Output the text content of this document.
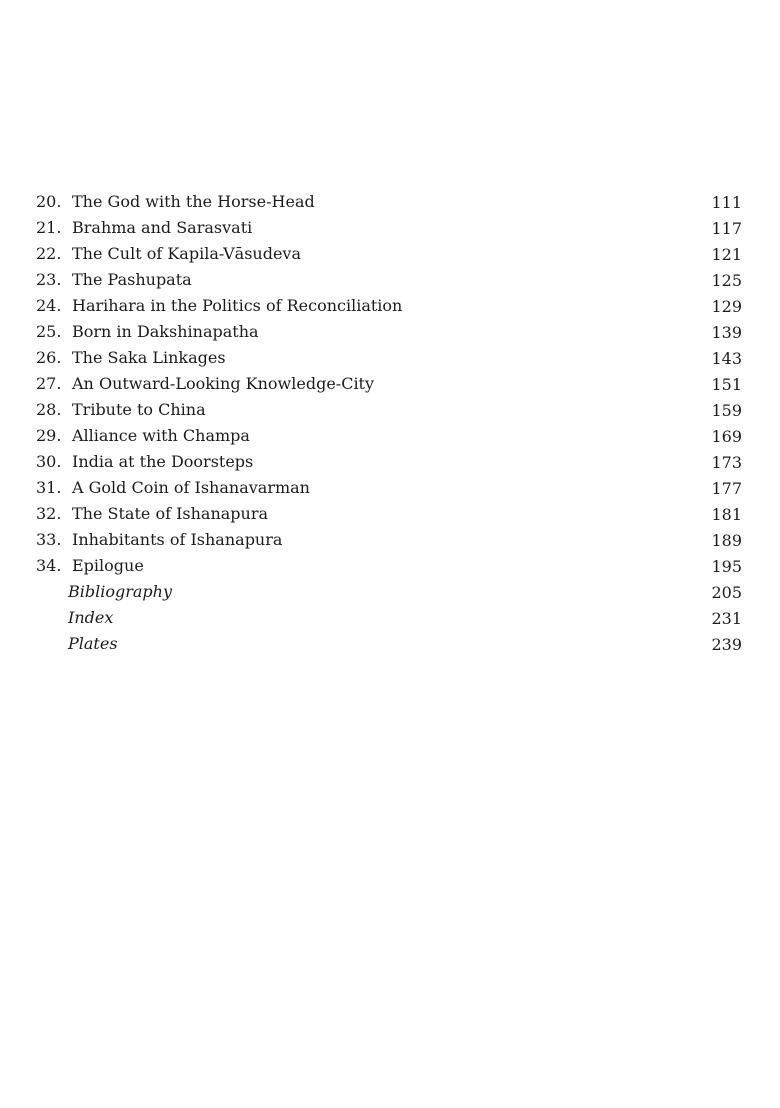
20. The God with the Horse-Head	111
21. Brahma and Sarasvati	117
22. The Cult of Kapila-Vāsudeva	121
23. The Pashupata	125
24. Harihara in the Politics of Reconciliation	129
25. Born in Dakshinapatha	139
26. The Saka Linkages	143
27. An Outward-Looking Knowledge-City	151
28. Tribute to China	159
29. Alliance with Champa	169
30. India at the Doorsteps	173
31. A Gold Coin of Ishanavarman	177
32. The State of Ishanapura	181
33. Inhabitants of Ishanapura	189
34. Epilogue	195
Bibliography	205
Index	231
Plates	239
